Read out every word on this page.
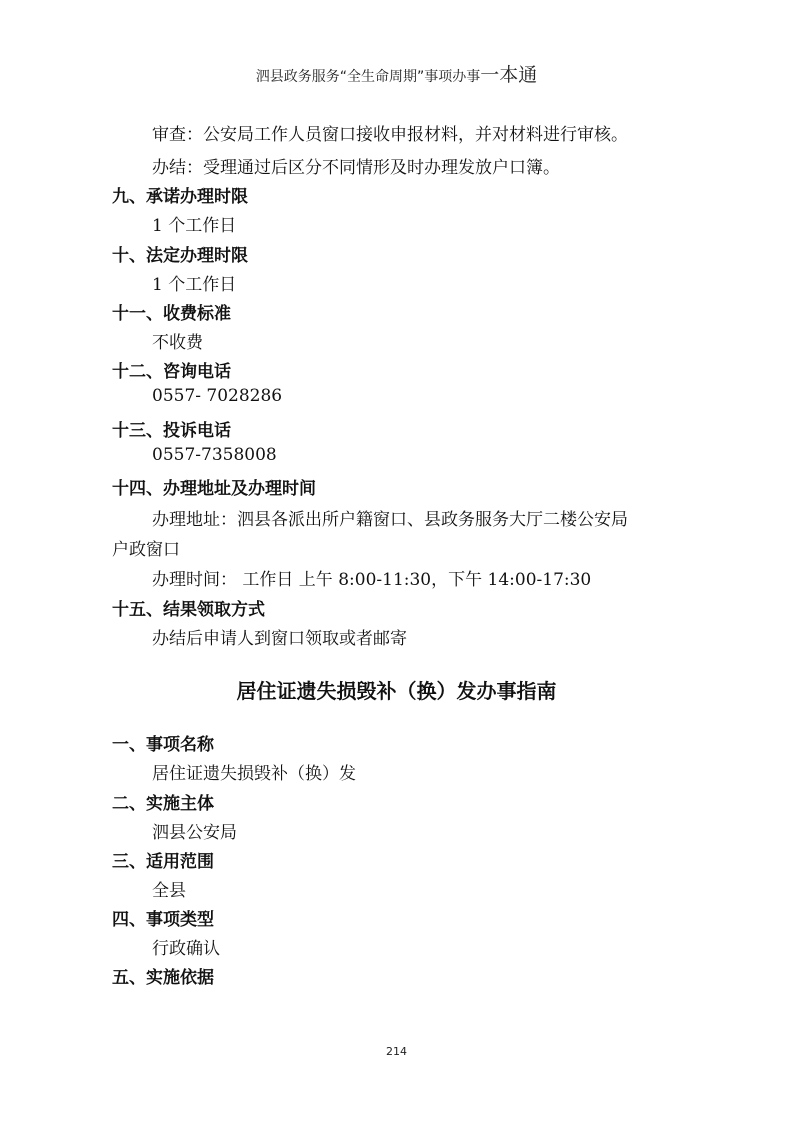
泗县政务服务“全生命周期”事项办事一本通
审查：公安局工作人员窗口接收申报材料，并对材料进行审核。
办结：受理通过后区分不同情形及时办理发放户口簿。
九、承诺办理时限
1 个工作日
十、法定办理时限
1 个工作日
十一、收费标准
不收费
十二、咨询电话
0557- 7028286
十三、投诉电话
0557-7358008
十四、办理地址及办理时间
办理地址：泗县各派出所户籍窗口、县政务服务大厅二楼公安局
户政窗口
办理时间： 工作日 上午 8:00-11:30，下午 14:00-17:30
十五、结果领取方式
办结后申请人到窗口领取或者邮寄
居住证遗失损毁补（换）发办事指南
一、事项名称
居住证遗失损毁补（换）发
二、实施主体
泗县公安局
三、适用范围
全县
四、事项类型
行政确认
五、实施依据
214
